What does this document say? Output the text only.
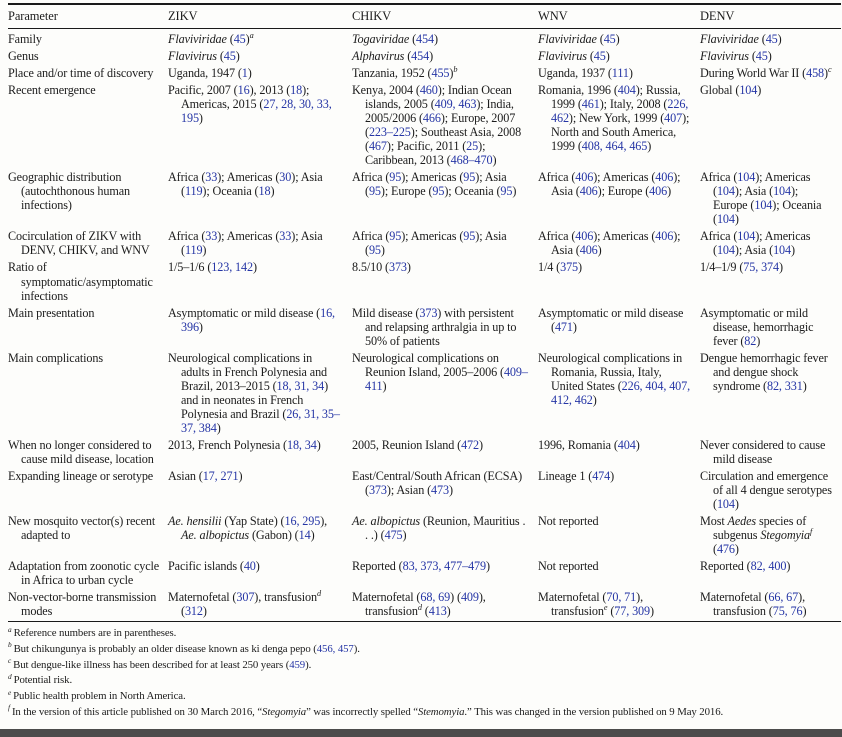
Parameter	ZIKV	CHIKV	WNV	DENV

Family	Flaviviridae $(45)^a$	Togaviridae (454)	Flaviviridae (45)	Flaviviridae (45)

Genus	Flavivirus (45)	Alphavirus (454)	Flavivirus (45)	Flavivirus (45)

Place and/or time of discovery	Uganda, 1947 (1)	Tanzania, 1952 $(455)^b$	Uganda, 1937 (111)	During World War II $(458)^c$

Recent emergence	Pacific, 2007 (16), 2013 (18); Americas, 2015 (27, 28, 30, 33, 195)	Kenya, 2004 (460); Indian Ocean islands, 2005 (409, 463); India, 2005/2006 (466); Europe, 2007 (223–225); Southeast Asia, 2008 (467); Pacific, 2011 (25); Caribbean, 2013 (468–470)	Romania, 1996 (404); Russia, 1999 (461); Italy, 2008 (226, 462); New York, 1999 (407); North and South America, 1999 (408, 464, 465)	Global (104)

Geographic distribution (autochthonous human infections)	Africa (33); Americas (30); Asia (119); Oceania (18)	Africa (95); Americas (95); Asia (95); Europe (95); Oceania (95)	Africa (406); Americas (406); Asia (406); Europe (406)	Africa (104); Americas (104); Asia (104); Europe (104); Oceania (104)

Cocirculation of ZIKV with DENV, CHIKV, and WNV	Africa (33); Americas (33); Asia (119)	Africa (95); Americas (95); Asia (95)	Africa (406); Americas (406); Asia (406)	Africa (104); Americas (104); Asia (104)

Ratio of symptomatic/asymptomatic infections	1/5–1/6 (123, 142)	8.5/10 (373)	1/4 (375)	1/4–1/9 (75, 374)

Main presentation	Asymptomatic or mild disease (16, 396)	Mild disease (373) with persistent and relapsing arthralgia in up to 50% of patients	Asymptomatic or mild disease (471)	Asymptomatic or mild disease, hemorrhagic fever (82)

Main complications	Neurological complications in adults in French Polynesia and Brazil, 2013–2015 (18, 31, 34) and in neonates in French Polynesia and Brazil (26, 31, 35–37, 384)	Neurological complications on Reunion Island, 2005–2006 (409–411)	Neurological complications in Romania, Russia, Italy, United States (226, 404, 407, 412, 462)	Dengue hemorrhagic fever and dengue shock syndrome (82, 331)

When no longer considered to cause mild disease, location	2013, French Polynesia (18, 34)	2005, Reunion Island (472)	1996, Romania (404)	Never considered to cause mild disease

Expanding lineage or serotype	Asian (17, 271)	East/Central/South African (ECSA) (373); Asian (473)	Lineage 1 (474)	Circulation and emergence of all 4 dengue serotypes (104)

New mosquito vector(s) recent adapted to	Ae. hensilii (Yap State) (16, 295), Ae. albopictus (Gabon) (14)	Ae. albopictus (Reunion, Mauritius . . .) (475)	Not reported	Most Aedes species of subgenus Stegomyia$^f$ (476)

Adaptation from zoonotic cycle in Africa to urban cycle	Pacific islands (40)	Reported (83, 373, 477–479)	Not reported	Reported (82, 400)

Non-vector-borne transmission modes	Maternofetal (307), transfusion$^d$ (312)	Maternofetal (68, 69) (409), transfusion$^d$ (413)	Maternofetal (70, 71), transfusion$^e$ (77, 309)	Maternofetal (66, 67), transfusion (75, 76)
$^a$ Reference numbers are in parentheses.
$^b$ But chikungunya is probably an older disease known as ki denga pepo (456, 457).
$^c$ But dengue-like illness has been described for at least 250 years (459).
$^d$ Potential risk.
$^e$ Public health problem in North America.
$^f$ In the version of this article published on 30 March 2016, “Stegomyia” was incorrectly spelled “Stemomyia.” This was changed in the version published on 9 May 2016.
